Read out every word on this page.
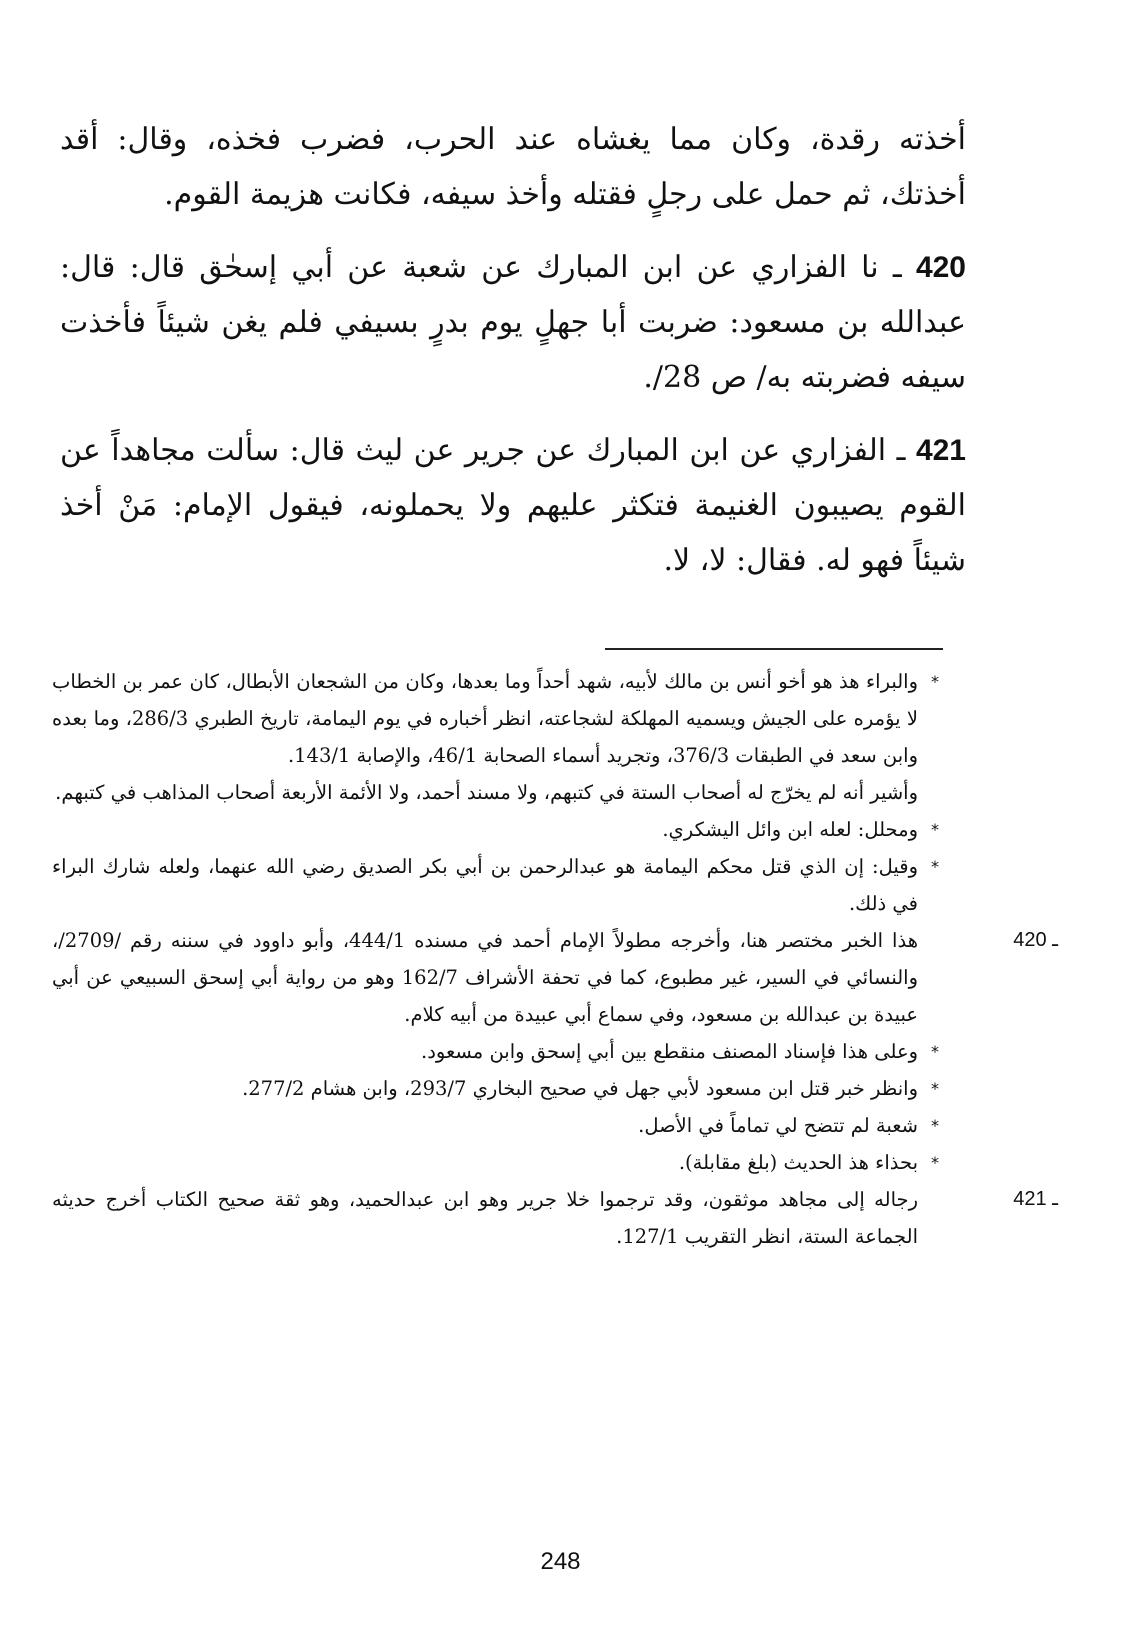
أخذته رقدة، وكان مما يغشاه عند الحرب، فضرب فخذه، وقال: أقد أخذتك، ثم حمل على رجلٍ فقتله وأخذ سيفه، فكانت هزيمة القوم.

420 ـ نا الفزاري عن ابن المبارك عن شعبة عن أبي إسحٰق قال: قال: عبدالله بن مسعود: ضربت أبا جهلٍ يوم بدرٍ بسيفي فلم يغن شيئاً فأخذت سيفه فضربته به/ ص 28/.

421 ـ الفزاري عن ابن المبارك عن جرير عن ليث قال: سألت مجاهداً عن القوم يصيبون الغنيمة فتكثر عليهم ولا يحملونه، فيقول الإمام: مَنْ أخذ شيئاً فهو له. فقال: لا، لا.

*
والبراء هذ هو أخو أنس بن مالك لأبيه، شهد أحداً وما بعدها، وكان من الشجعان الأبطال، كان عمر بن الخطاب لا يؤمره على الجيش ويسميه المهلكة لشجاعته، انظر أخباره في يوم اليمامة، تاريخ الطبري 286/3، وما بعده وابن سعد في الطبقات 376/3، وتجريد أسماء الصحابة 46/1، والإصابة 143/1.

وأشير أنه لم يخرّج له أصحاب الستة في كتبهم، ولا مسند أحمد، ولا الأئمة الأربعة أصحاب المذاهب في كتبهم.

*
ومحلل: لعله ابن وائل اليشكري.

*
وقيل: إن الذي قتل محكم اليمامة هو عبدالرحمن بن أبي بكر الصديق رضي الله عنهما، ولعله شارك البراء في ذلك.

420 ـ
هذا الخبر مختصر هنا، وأخرجه مطولاً الإمام أحمد في مسنده 444/1، وأبو داوود في سننه رقم /2709/، والنسائي في السير، غير مطبوع، كما في تحفة الأشراف 162/7 وهو من رواية أبي إسحق السبيعي عن أبي عبيدة بن عبدالله بن مسعود، وفي سماع أبي عبيدة من أبيه كلام.

*
وعلى هذا فإسناد المصنف منقطع بين أبي إسحق وابن مسعود.

*
وانظر خبر قتل ابن مسعود لأبي جهل في صحيح البخاري 293/7، وابن هشام 277/2.

*
شعبة لم تتضح لي تماماً في الأصل.

*
بحذاء هذ الحديث (بلغ مقابلة).

421 ـ
رجاله إلى مجاهد موثقون، وقد ترجموا خلا جرير وهو ابن عبدالحميد، وهو ثقة صحيح الكتاب أخرج حديثه الجماعة الستة، انظر التقريب 127/1.

248
